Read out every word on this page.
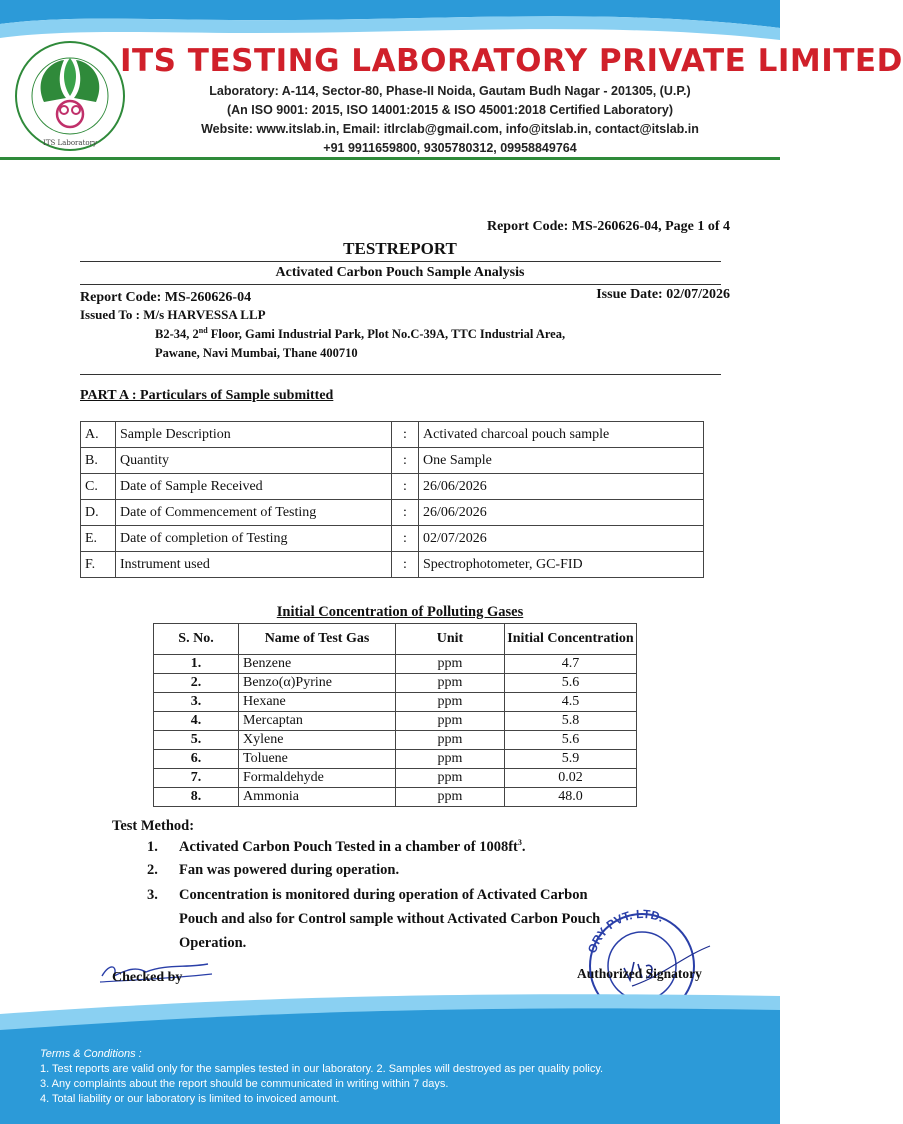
ITS Laboratory
ITS TESTING LABORATORY PRIVATE LIMITED
Laboratory: A-114, Sector-80, Phase-II Noida, Gautam Budh Nagar - 201305, (U.P.)
(An ISO 9001: 2015, ISO 14001:2015 & ISO 45001:2018 Certified Laboratory)
Website: www.itslab.in, Email: itlrclab@gmail.com, info@itslab.in, contact@itslab.in
+91 9911659800, 9305780312, 09958849764
Report Code: MS-260626-04, Page 1 of 4
TESTREPORT
Activated Carbon Pouch Sample Analysis
Report Code: MS-260626-04	Issue Date: 02/07/2026
Issued To : M/s HARVESSA LLP
B2-34, 2nd Floor, Gami Industrial Park, Plot No.C-39A, TTC Industrial Area,
Pawane, Navi Mumbai, Thane 400710
PART A : Particulars of Sample submitted
A.	Sample Description	:	Activated charcoal pouch sample
B.	Quantity	:	One Sample
C.	Date of Sample Received	:	26/06/2026
D.	Date of Commencement of Testing	:	26/06/2026
E.	Date of completion of Testing	:	02/07/2026
F.	Instrument used	:	Spectrophotometer, GC-FID
Initial Concentration of Polluting Gases
S. No.	Name of Test Gas	Unit	Initial Concentration
1.	Benzene	ppm	4.7
2.	Benzo(α)Pyrine	ppm	5.6
3.	Hexane	ppm	4.5
4.	Mercaptan	ppm	5.8
5.	Xylene	ppm	5.6
6.	Toluene	ppm	5.9
7.	Formaldehyde	ppm	0.02
8.	Ammonia	ppm	48.0
Test Method:
1. Activated Carbon Pouch Tested in a chamber of $1008ft^3$.
2. Fan was powered during operation.
3. Concentration is monitored during operation of Activated Carbon
Pouch and also for Control sample without Activated Carbon Pouch
Operation.
Checked by
ORY PVT. LTD.
Authorized Signatory
Terms & Conditions :
1. Test reports are valid only for the samples tested in our laboratory. 2. Samples will destroyed as per quality policy.
3. Any complaints about the report should be communicated in writing within 7 days.
4. Total liability or our laboratory is limited to invoiced amount.
